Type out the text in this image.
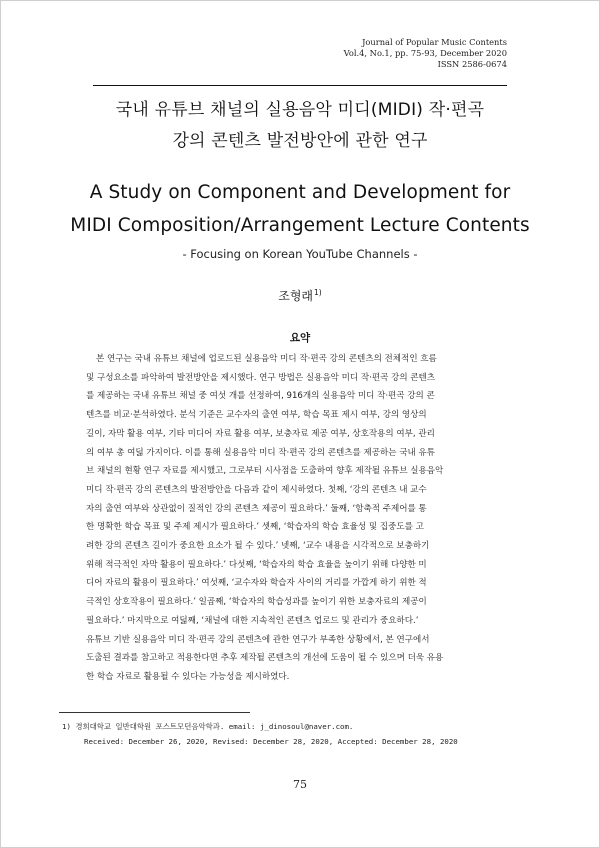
Journal of Popular Music Contents
Vol.4, No.1, pp. 75-93, December 2020
ISSN 2586-0674
국내 유튜브 채널의 실용음악 미디(MIDI) 작·편곡
강의 콘텐츠 발전방안에 관한 연구
A Study on Component and Development for
MIDI Composition/Arrangement Lecture Contents
- Focusing on Korean YouTube Channels -
조형래$^{1)}$
요약
본 연구는 국내 유튜브 채널에 업로드된 실용음악 미디 작·편곡 강의 콘텐츠의 전체적인 흐름
및 구성요소를 파악하여 발전방안을 제시했다. 연구 방법은 실용음악 미디 작·편곡 강의 콘텐츠
를 제공하는 국내 유튜브 채널 중 여섯 개를 선정하여, 916개의 실용음악 미디 작·편곡 강의 콘
텐츠를 비교·분석하였다. 분석 기준은 교수자의 출연 여부, 학습 목표 제시 여부, 강의 영상의
길이, 자막 활용 여부, 기타 미디어 자료 활용 여부, 보충자료 제공 여부, 상호작용의 여부, 관리
의 여부 총 여덟 가지이다. 이를 통해 실용음악 미디 작·편곡 강의 콘텐츠를 제공하는 국내 유튜
브 채널의 현황 연구 자료를 제시했고, 그로부터 시사점을 도출하여 향후 제작될 유튜브 실용음악
미디 작·편곡 강의 콘텐츠의 발전방안을 다음과 같이 제시하였다. 첫째, ‘강의 콘텐츠 내 교수
자의 출연 여부와 상관없이 질적인 강의 콘텐츠 제공이 필요하다.’ 둘째, ‘함축적 주제어를 통
한 명확한 학습 목표 및 주제 제시가 필요하다.’ 셋째, ‘학습자의 학습 효율성 및 집중도를 고
려한 강의 콘텐츠 길이가 중요한 요소가 될 수 있다.’ 넷째, ‘교수 내용을 시각적으로 보충하기
위해 적극적인 자막 활용이 필요하다.’ 다섯째, ‘학습자의 학습 효율을 높이기 위해 다양한 미
디어 자료의 활용이 필요하다.’ 여섯째, ‘교수자와 학습자 사이의 거리를 가깝게 하기 위한 적
극적인 상호작용이 필요하다.’ 일곱째, ‘학습자의 학습성과를 높이기 위한 보충자료의 제공이
필요하다.’ 마지막으로 여덟째, ‘채널에 대한 지속적인 콘텐츠 업로드 및 관리가 중요하다.’
유튜브 기반 실용음악 미디 작·편곡 강의 콘텐츠에 관한 연구가 부족한 상황에서, 본 연구에서
도출된 결과를 참고하고 적용한다면 추후 제작될 콘텐츠의 개선에 도움이 될 수 있으며 더욱 유용
한 학습 자료로 활용될 수 있다는 가능성을 제시하였다.
1) 경희대학교 일반대학원 포스트모던음악학과. email: j_dinosoul@naver.com.
Received: December 26, 2020, Revised: December 28, 2020, Accepted: December 28, 2020
75
